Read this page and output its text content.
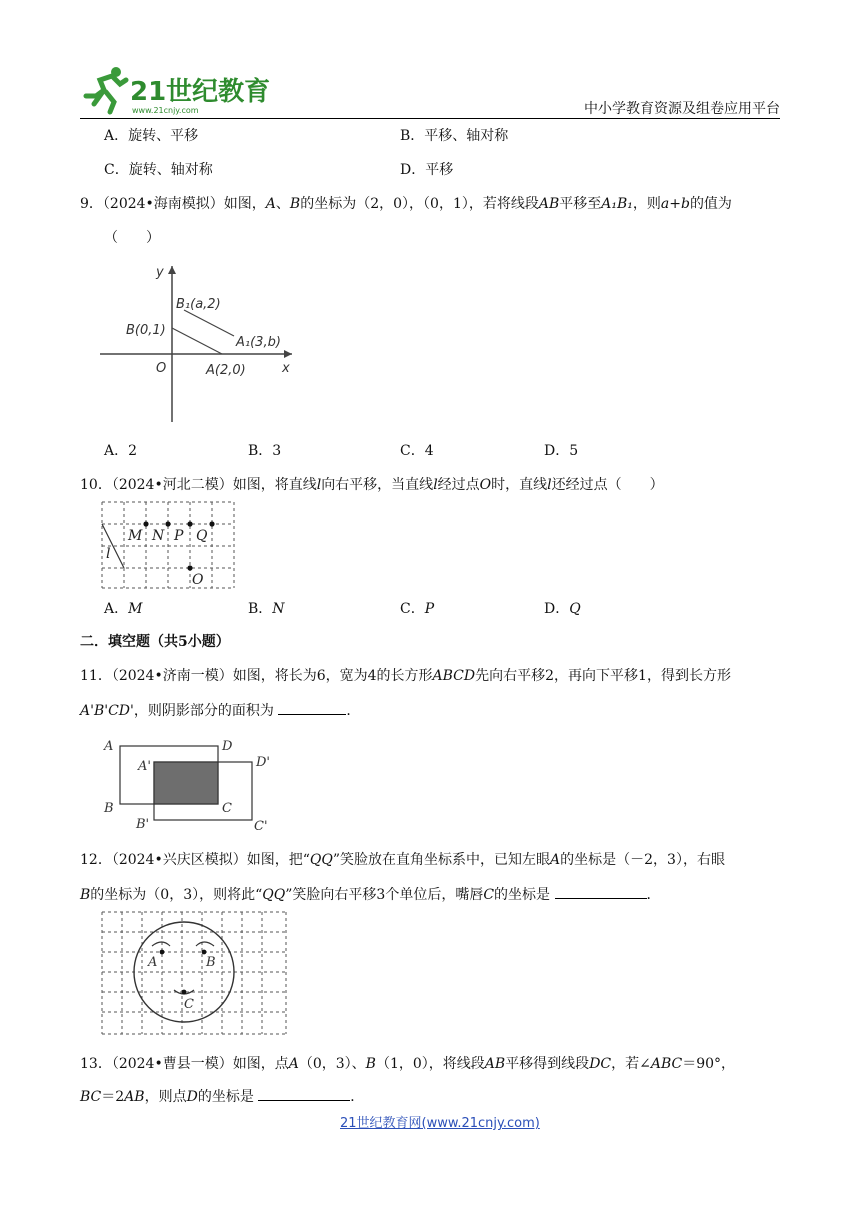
21世纪教育
www.21cnjy.com	中小学教育资源及组卷应用平台
A．旋转、平移	B．平移、轴对称
C．旋转、轴对称	D．平移
9．（2024•海南模拟）如图，A、B的坐标为（2，0），（0，1），若将线段AB平移至A₁B₁，则a+b的值为
（　　）
y
x
O
B(0,1)
A(2,0)
B₁(a,2)
A₁(3,b)
A．2	B．3	C．4	D．5
10．（2024•河北二模）如图，将直线l向右平移，当直线l经过点O时，直线l还经过点（　　）
l
M N P Q
O
A．M	B．N	C．P	D．Q
二．填空题（共5小题）
11．（2024•济南一模）如图，将长为6，宽为4的长方形ABCD先向右平移2，再向下平移1，得到长方形
A'B'CD'，则阴影部分的面积为	．
A	D
A'	D'
B	C
B'	C'
12．（2024•兴庆区模拟）如图，把“QQ”笑脸放在直角坐标系中，已知左眼A的坐标是（－2，3），右眼
B的坐标为（0，3），则将此“QQ”笑脸向右平移3个单位后，嘴唇C的坐标是	．
A	B
C
13．（2024•曹县一模）如图，点A（0，3）、B（1，0），将线段AB平移得到线段DC，若∠ABC＝90°，
BC＝2AB，则点D的坐标是	．
21世纪教育网(www.21cnjy.com)
